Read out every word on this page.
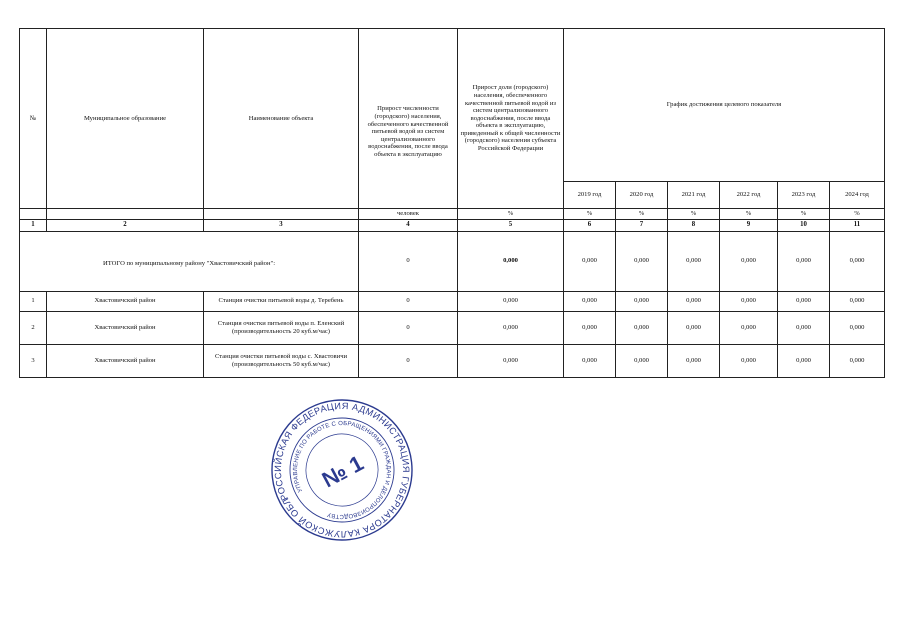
№	Муниципальное образование	Наименование объекта	Прирост численности (городского) населения, обеспеченного качественной питьевой водой из систем централизованного водоснабжения, после ввода объекта в эксплуатацию	Прирост доли (городского) населения, обеспеченного качественной питьевой водой из систем централизованного водоснабжения, после ввода объекта в эксплуатацию, приведенный к общей численности (городского) населения субъекта Российской Федерации	График достижения целевого показателя					
					2019 год	2020 год	2021 год	2022 год	2023 год	2024 год
			человек	%	%	%	%	%	%	%
1	2	3	4	5	6	7	8	9	10	11
ИТОГО по муниципальному району "Хвастовичский район":			0	0,000	0,000	0,000	0,000	0,000	0,000	0,000
1	Хвастовичский район	Станция очистки питьевой воды д. Теребень	0	0,000	0,000	0,000	0,000	0,000	0,000	0,000
2	Хвастовичский район	Станция очистки питьевой воды п. Еленский (производительность 20 куб.м/час)	0	0,000	0,000	0,000	0,000	0,000	0,000	0,000
3	Хвастовичский район	Станция очистки питьевой воды с. Хвастовичи (производительность 50 куб.м/час)	0	0,000	0,000	0,000	0,000	0,000	0,000	0,000
РОССИЙСКАЯ ФЕДЕРАЦИЯ АДМИНИСТРАЦИЯ ГУБЕРНАТОРА КАЛУЖСКОЙ ОБЛАСТИ
УПРАВЛЕНИЕ ПО РАБОТЕ С ОБРАЩЕНИЯМИ ГРАЖДАН И ДЕЛОПРОИЗВОДСТВУ
№ 1
